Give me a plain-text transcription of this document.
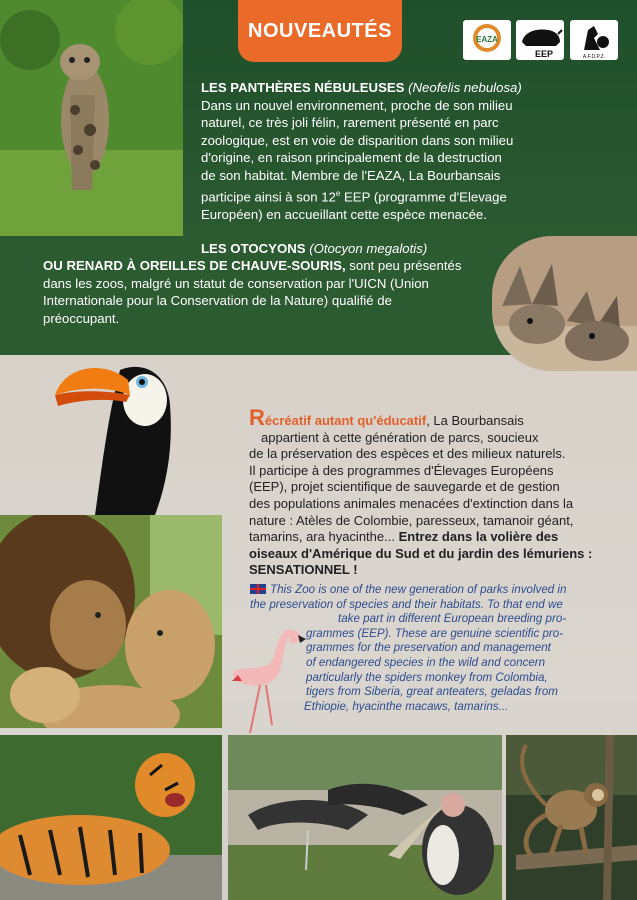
NOUVEAUTÉS	EAZA
EEP	A.F.D.P.Z.
LES PANTHÈRES NÉBULEUSES (Neofelis nebulosa)
Dans un nouvel environnement, proche de son milieu
naturel, ce très joli félin, rarement présenté en parc
zoologique, est en voie de disparition dans son milieu
d'origine, en raison principalement de la destruction
de son habitat. Membre de l'EAZA, La Bourbansais
participe ainsi à son 12e EEP (programme d'Elevage
Européen) en accueillant cette espèce menacée.
LES OTOCYONS (Otocyon megalotis)
OU RENARD À OREILLES DE CHAUVE-SOURIS, sont peu présentés
dans les zoos, malgré un statut de conservation par l'UICN (Union
Internationale pour la Conservation de la Nature) qualifié de
préoccupant.
Récréatif autant qu'éducatif, La Bourbansais
appartient à cette génération de parcs, soucieux
de la préservation des espèces et des milieux naturels.
Il participe à des programmes d'Élevages Européens
(EEP), projet scientifique de sauvegarde et de gestion
des populations animales menacées d'extinction dans la
nature : Atèles de Colombie, paresseux, tamanoir géant,
tamarins, ara hyacinthe... Entrez dans la volière des
oiseaux d'Amérique du Sud et du jardin des lémuriens :
SENSATIONNEL !
This Zoo is one of the new generation of parks involved in
the preservation of species and their habitats. To that end we
take part in different European breeding pro-
grammes (EEP). These are genuine scientific pro-
grammes for the preservation and management
of endangered species in the wild and concern
particularly the spiders monkey from Colombia,
tigers from Siberia, great anteaters, geladas from
Ethiopie, hyacinthe macaws, tamarins...
